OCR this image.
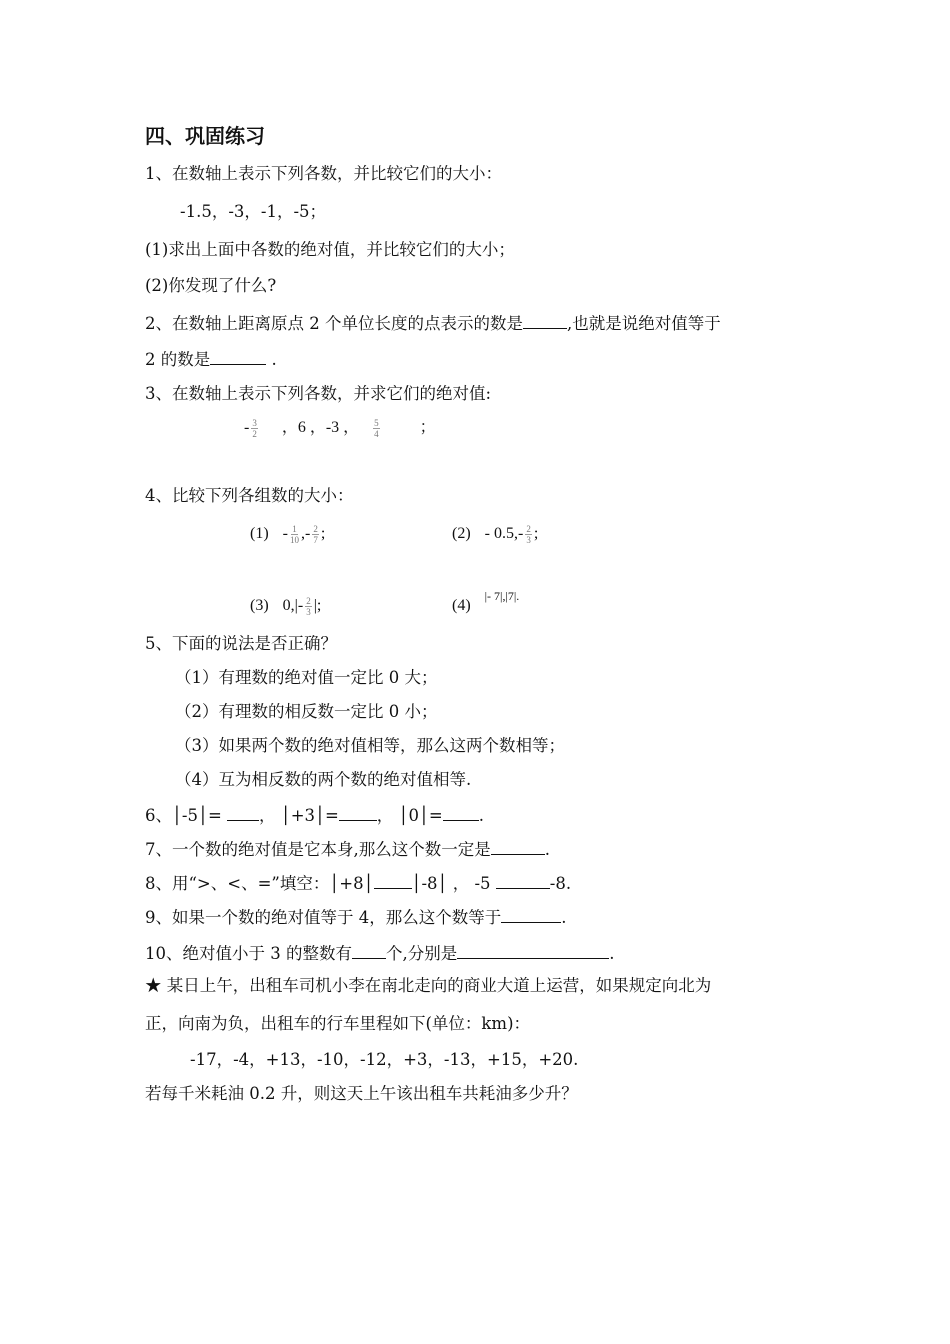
四、巩固练习
1、在数轴上表示下列各数，并比较它们的大小：
-1.5，-3，-1，-5；
(1)求出上面中各数的绝对值，并比较它们的大小；
(2)你发现了什么?
2、在数轴上距离原点 2 个单位长度的点表示的数是	,也就是说绝对值等于
2 的数是	.
3、在数轴上表示下列各数，并求它们的绝对值:
- $\frac{3}{2}$ ，6 ，-3 ， $\frac{5}{4}$	；
4、比较下列各组数的大小：
$(1) - \frac{1}{10}$ ,- $\frac{2}{7}$ ;	$(2) - 0.5,- \frac{2}{3}$ ;
(3) $0,|- \frac{2}{3}$ |;	$(4)^{|- 7|,|7|.}$
5、下面的说法是否正确？
（1）有理数的绝对值一定比 0 大；
（2）有理数的相反数一定比 0 小；
（3）如果两个数的绝对值相等，那么这两个数相等；
（4）互为相反数的两个数的绝对值相等.
6、│-5│= ， │+3│= ， │0│= .
7、一个数的绝对值是它本身,那么这个数一定是	.
8、用“>、<、=”填空：│+8│ │-8│ ， -5	-8.
9、如果一个数的绝对值等于 4，那么这个数等于	.
10、绝对值小于 3 的整数有 个,分别是	.
★ 某日上午，出租车司机小李在南北走向的商业大道上运营，如果规定向北为
正，向南为负，出租车的行车里程如下(单位：km)：
-17，-4，+13，-10，-12，+3，-13，+15，+20.
若每千米耗油 0.2 升，则这天上午该出租车共耗油多少升？
